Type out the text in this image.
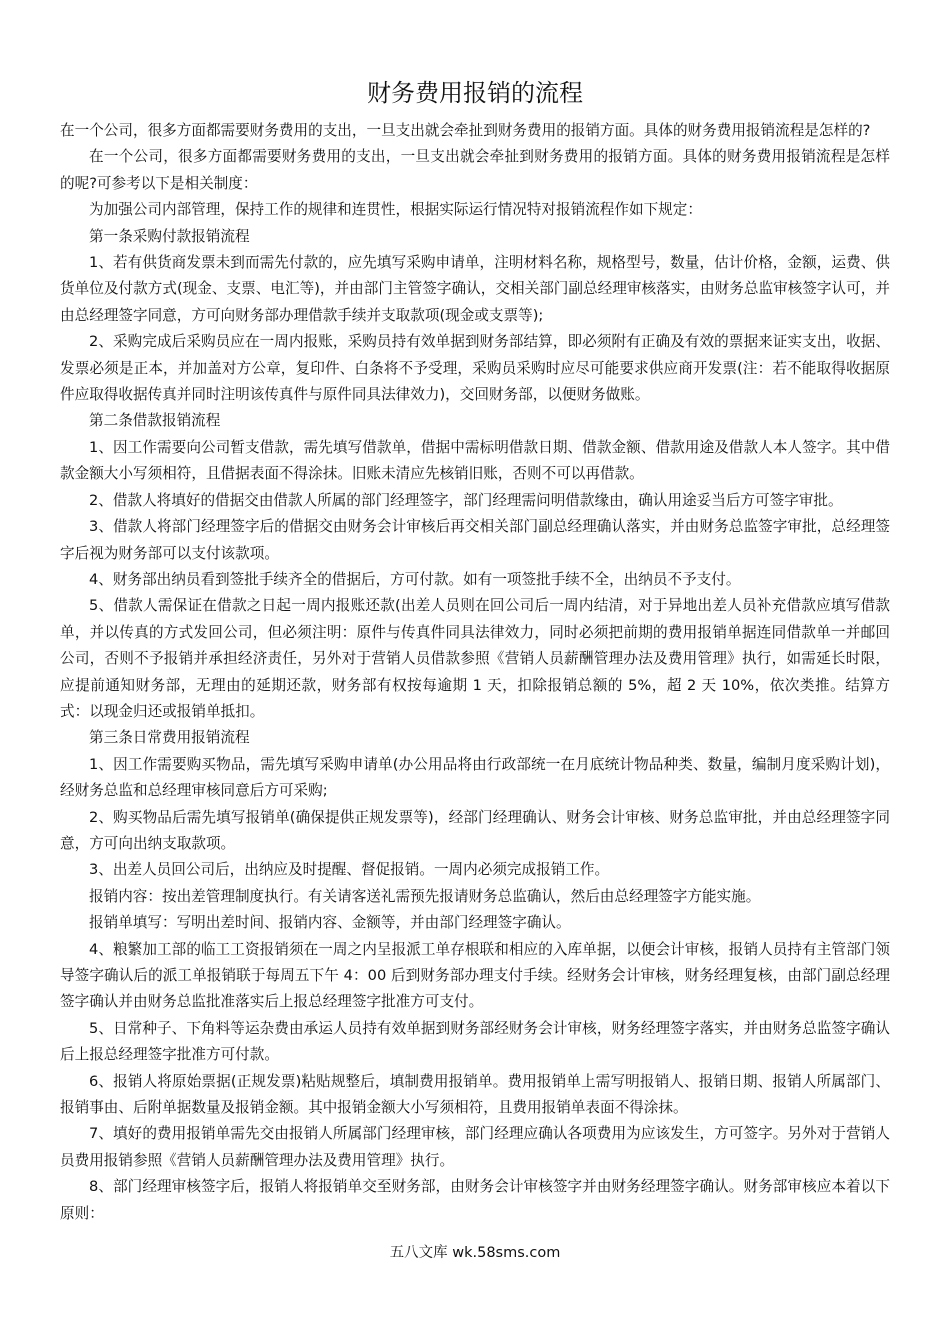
财务费用报销的流程

在一个公司，很多方面都需要财务费用的支出，一旦支出就会牵扯到财务费用的报销方面。具体的财务费用报销流程是怎样的?

在一个公司，很多方面都需要财务费用的支出，一旦支出就会牵扯到财务费用的报销方面。具体的财务费用报销流程是怎样的呢?可参考以下是相关制度：

为加强公司内部管理，保持工作的规律和连贯性，根据实际运行情况特对报销流程作如下规定：

第一条采购付款报销流程

1、若有供货商发票未到而需先付款的，应先填写采购申请单，注明材料名称，规格型号，数量，估计价格，金额，运费、供货单位及付款方式(现金、支票、电汇等)，并由部门主管签字确认，交相关部门副总经理审核落实，由财务总监审核签字认可，并由总经理签字同意，方可向财务部办理借款手续并支取款项(现金或支票等);

2、采购完成后采购员应在一周内报账，采购员持有效单据到财务部结算，即必须附有正确及有效的票据来证实支出，收据、发票必须是正本，并加盖对方公章，复印件、白条将不予受理，采购员采购时应尽可能要求供应商开发票(注：若不能取得收据原件应取得收据传真并同时注明该传真件与原件同具法律效力)，交回财务部，以便财务做账。

第二条借款报销流程

1、因工作需要向公司暂支借款，需先填写借款单，借据中需标明借款日期、借款金额、借款用途及借款人本人签字。其中借款金额大小写须相符，且借据表面不得涂抹。旧账未清应先核销旧账，否则不可以再借款。

2、借款人将填好的借据交由借款人所属的部门经理签字，部门经理需问明借款缘由，确认用途妥当后方可签字审批。

3、借款人将部门经理签字后的借据交由财务会计审核后再交相关部门副总经理确认落实，并由财务总监签字审批，总经理签字后视为财务部可以支付该款项。

4、财务部出纳员看到签批手续齐全的借据后，方可付款。如有一项签批手续不全，出纳员不予支付。

5、借款人需保证在借款之日起一周内报账还款(出差人员则在回公司后一周内结清，对于异地出差人员补充借款应填写借款单，并以传真的方式发回公司，但必须注明：原件与传真件同具法律效力，同时必须把前期的费用报销单据连同借款单一并邮回公司，否则不予报销并承担经济责任，另外对于营销人员借款参照《营销人员薪酬管理办法及费用管理》执行，如需延长时限，应提前通知财务部，无理由的延期还款，财务部有权按每逾期 1 天，扣除报销总额的 5%，超 2 天 10%，依次类推。结算方式：以现金归还或报销单抵扣。

第三条日常费用报销流程

1、因工作需要购买物品，需先填写采购申请单(办公用品将由行政部统一在月底统计物品种类、数量，编制月度采购计划)，经财务总监和总经理审核同意后方可采购;

2、购买物品后需先填写报销单(确保提供正规发票等)，经部门经理确认、财务会计审核、财务总监审批，并由总经理签字同意，方可向出纳支取款项。

3、出差人员回公司后，出纳应及时提醒、督促报销。一周内必须完成报销工作。

报销内容：按出差管理制度执行。有关请客送礼需预先报请财务总监确认，然后由总经理签字方能实施。

报销单填写：写明出差时间、报销内容、金额等，并由部门经理签字确认。

4、粮繁加工部的临工工资报销须在一周之内呈报派工单存根联和相应的入库单据，以便会计审核，报销人员持有主管部门领导签字确认后的派工单报销联于每周五下午 4：00 后到财务部办理支付手续。经财务会计审核，财务经理复核，由部门副总经理签字确认并由财务总监批准落实后上报总经理签字批准方可支付。

5、日常种子、下角料等运杂费由承运人员持有效单据到财务部经财务会计审核，财务经理签字落实，并由财务总监签字确认后上报总经理签字批准方可付款。

6、报销人将原始票据(正规发票)粘贴规整后，填制费用报销单。费用报销单上需写明报销人、报销日期、报销人所属部门、报销事由、后附单据数量及报销金额。其中报销金额大小写须相符，且费用报销单表面不得涂抹。

7、填好的费用报销单需先交由报销人所属部门经理审核，部门经理应确认各项费用为应该发生，方可签字。另外对于营销人员费用报销参照《营销人员薪酬管理办法及费用管理》执行。

8、部门经理审核签字后，报销人将报销单交至财务部，由财务会计审核签字并由财务经理签字确认。财务部审核应本着以下原则：

五八文库 wk.58sms.com
